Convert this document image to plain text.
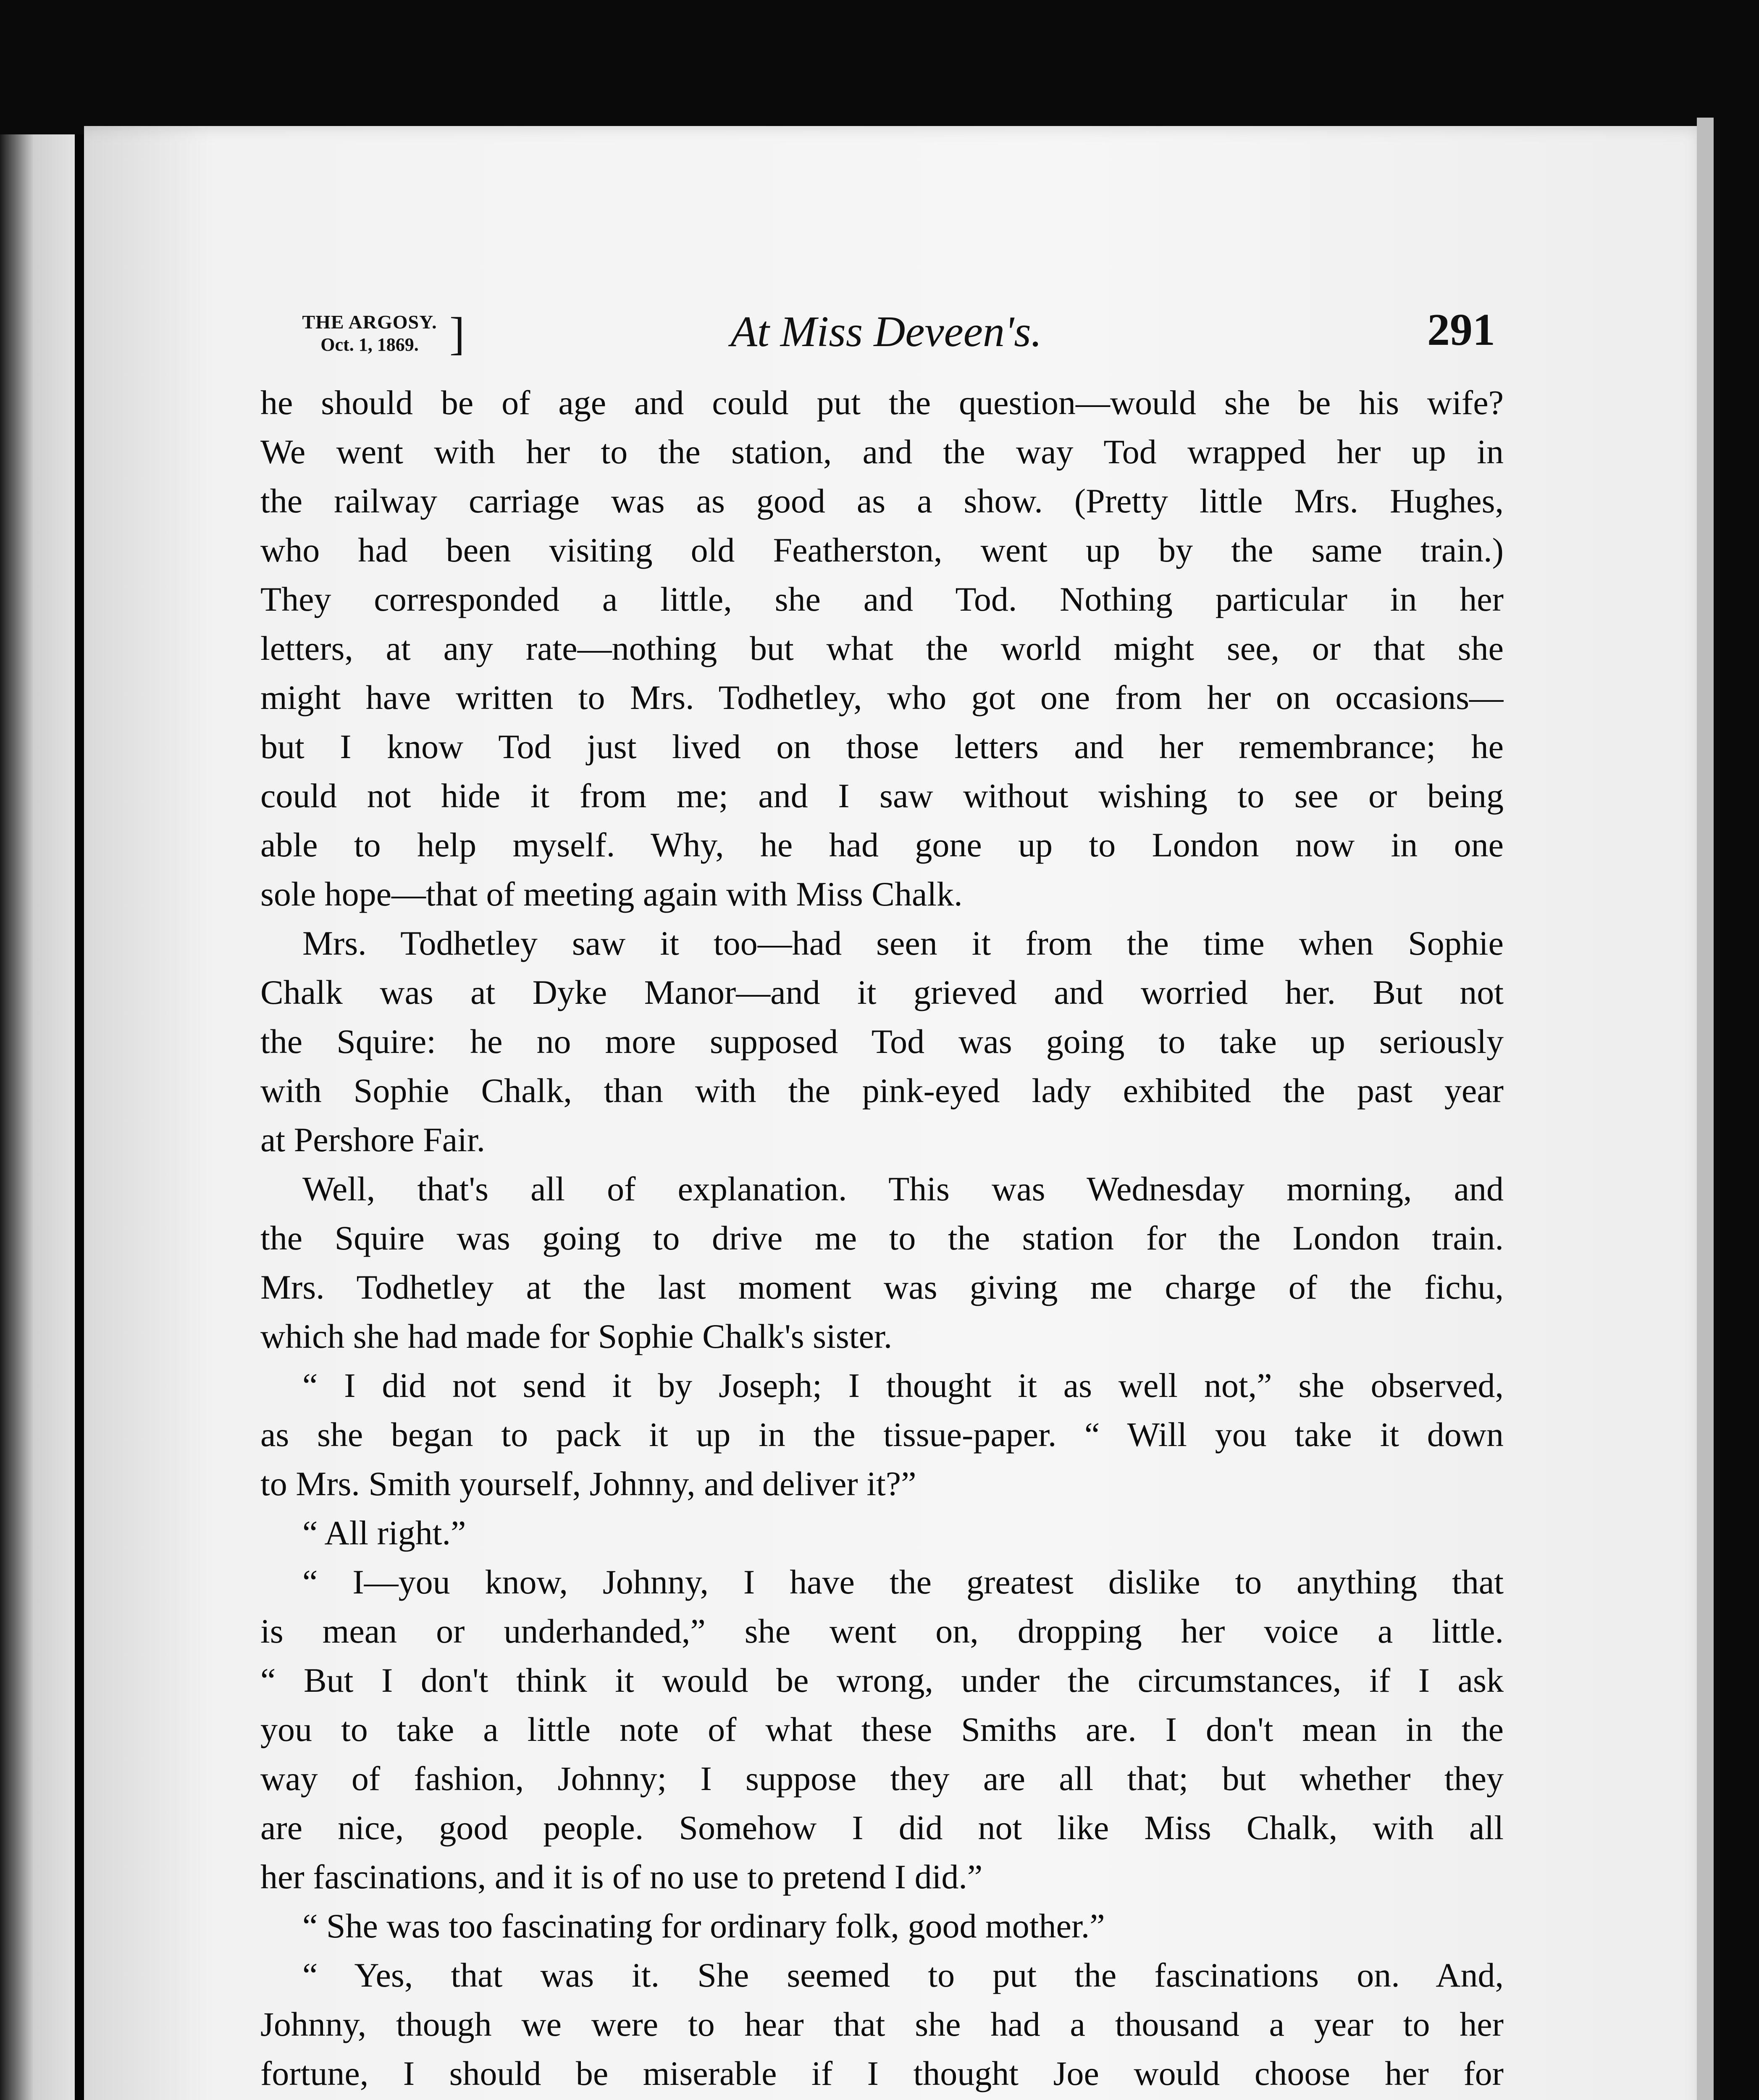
THE ARGOSY.
Oct. 1, 1869. ]	At Miss Deveen's.	291
he should be of age and could put the question—would she be his wife?
We went with her to the station, and the way Tod wrapped her up in
the railway carriage was as good as a show. (Pretty little Mrs. Hughes,
who had been visiting old Featherston, went up by the same train.)
They corresponded a little, she and Tod. Nothing particular in her
letters, at any rate—nothing but what the world might see, or that she
might have written to Mrs. Todhetley, who got one from her on occasions—
but I know Tod just lived on those letters and her remembrance; he
could not hide it from me; and I saw without wishing to see or being
able to help myself. Why, he had gone up to London now in one
sole hope—that of meeting again with Miss Chalk.
Mrs. Todhetley saw it too—had seen it from the time when Sophie
Chalk was at Dyke Manor—and it grieved and worried her. But not
the Squire: he no more supposed Tod was going to take up seriously
with Sophie Chalk, than with the pink-eyed lady exhibited the past year
at Pershore Fair.
Well, that's all of explanation. This was Wednesday morning, and
the Squire was going to drive me to the station for the London train.
Mrs. Todhetley at the last moment was giving me charge of the fichu,
which she had made for Sophie Chalk's sister.
“ I did not send it by Joseph; I thought it as well not,” she observed,
as she began to pack it up in the tissue-paper. “ Will you take it down
to Mrs. Smith yourself, Johnny, and deliver it?”
“ All right.”
“ I—you know, Johnny, I have the greatest dislike to anything that
is mean or underhanded,” she went on, dropping her voice a little.
“ But I don't think it would be wrong, under the circumstances, if I ask
you to take a little note of what these Smiths are. I don't mean in the
way of fashion, Johnny; I suppose they are all that; but whether they
are nice, good people. Somehow I did not like Miss Chalk, with all
her fascinations, and it is of no use to pretend I did.”
“ She was too fascinating for ordinary folk, good mother.”
“ Yes, that was it. She seemed to put the fascinations on. And,
Johnny, though we were to hear that she had a thousand a year to her
fortune, I should be miserable if I thought Joe would choose her for
